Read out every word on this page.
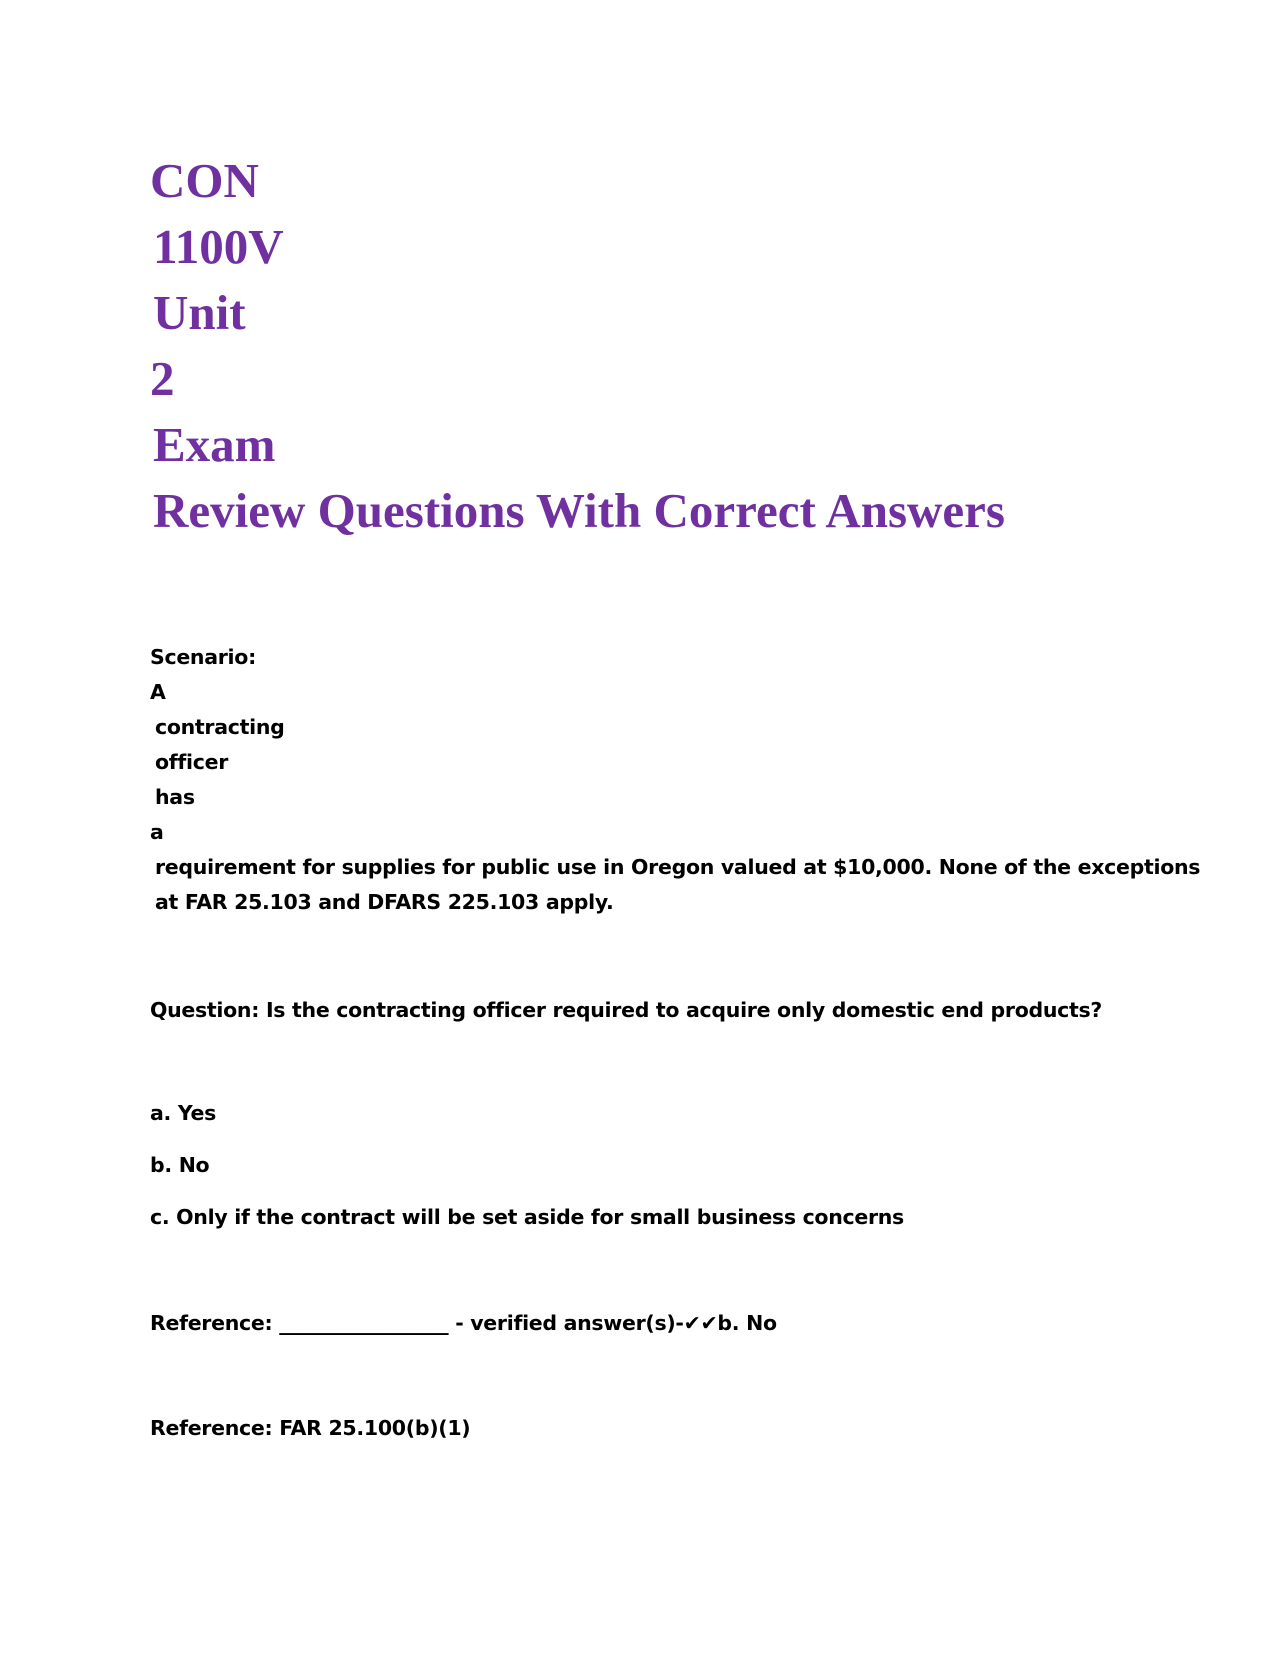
CON
1100V
Unit
2
Exam
Review Questions With Correct Answers
Scenario:
A
contracting
officer
has
a
requirement for supplies for public use in Oregon valued at $10,000. None of the exceptions
at FAR 25.103 and DFARS 225.103 apply.
Question: Is the contracting officer required to acquire only domestic end products?
a. Yes
b. No
c. Only if the contract will be set aside for small business concerns
Reference: _________________ - verified answer(s)-✔✔b. No
Reference: FAR 25.100(b)(1)
